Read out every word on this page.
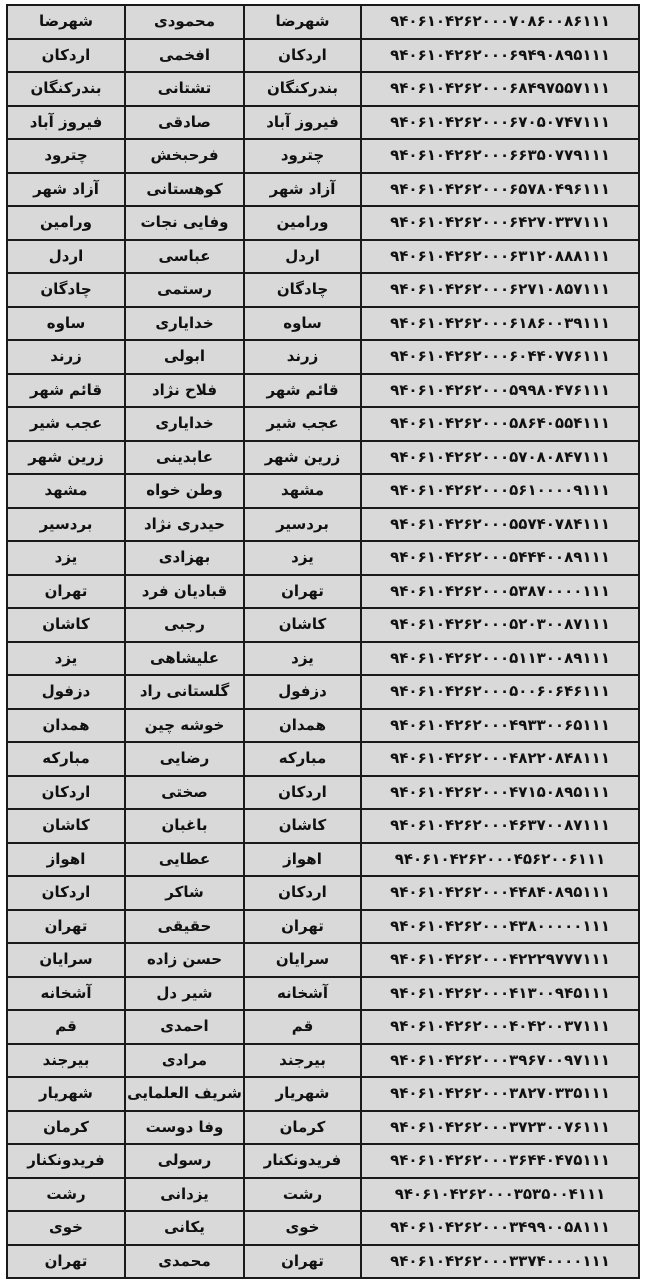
شهرضا	محمودی	شهرضا	۹۴۰۶۱۰۴۲۶۲۰۰۰۷۰۸۶۰۰۸۶۱۱۱
اردکان	افخمی	اردکان	۹۴۰۶۱۰۴۲۶۲۰۰۰۶۹۴۹۰۸۹۵۱۱۱
بندرکنگان	تشتانی	بندرکنگان	۹۴۰۶۱۰۴۲۶۲۰۰۰۶۸۴۹۷۵۵۷۱۱۱
فیروز آباد	صادقی	فیروز آباد	۹۴۰۶۱۰۴۲۶۲۰۰۰۶۷۰۵۰۷۴۷۱۱۱
چترود	فرحبخش	چترود	۹۴۰۶۱۰۴۲۶۲۰۰۰۶۶۳۵۰۷۷۹۱۱۱
آزاد شهر	کوهستانی	آزاد شهر	۹۴۰۶۱۰۴۲۶۲۰۰۰۶۵۷۸۰۴۹۶۱۱۱
ورامین	وفایی نجات	ورامین	۹۴۰۶۱۰۴۲۶۲۰۰۰۶۴۲۷۰۳۳۷۱۱۱
اردل	عباسی	اردل	۹۴۰۶۱۰۴۲۶۲۰۰۰۶۳۱۲۰۸۸۸۱۱۱
چادگان	رستمی	چادگان	۹۴۰۶۱۰۴۲۶۲۰۰۰۶۲۷۱۰۸۵۷۱۱۱
ساوه	خدایاری	ساوه	۹۴۰۶۱۰۴۲۶۲۰۰۰۶۱۸۶۰۰۳۹۱۱۱
زرند	ابولی	زرند	۹۴۰۶۱۰۴۲۶۲۰۰۰۶۰۴۴۰۷۷۶۱۱۱
قائم شهر	فلاح نژاد	قائم شهر	۹۴۰۶۱۰۴۲۶۲۰۰۰۵۹۹۸۰۴۷۶۱۱۱
عجب شیر	خدایاری	عجب شیر	۹۴۰۶۱۰۴۲۶۲۰۰۰۵۸۶۴۰۵۵۴۱۱۱
زرین شهر	عابدینی	زرین شهر	۹۴۰۶۱۰۴۲۶۲۰۰۰۵۷۰۸۰۸۴۷۱۱۱
مشهد	وطن خواه	مشهد	۹۴۰۶۱۰۴۲۶۲۰۰۰۵۶۱۰۰۰۰۹۱۱۱
بردسیر	حیدری نژاد	بردسیر	۹۴۰۶۱۰۴۲۶۲۰۰۰۵۵۷۴۰۷۸۴۱۱۱
یزد	بهزادی	یزد	۹۴۰۶۱۰۴۲۶۲۰۰۰۵۴۴۴۰۰۸۹۱۱۱
تهران	قبادیان فرد	تهران	۹۴۰۶۱۰۴۲۶۲۰۰۰۵۳۸۷۰۰۰۰۱۱۱
کاشان	رجبی	کاشان	۹۴۰۶۱۰۴۲۶۲۰۰۰۵۲۰۳۰۰۸۷۱۱۱
یزد	علیشاهی	یزد	۹۴۰۶۱۰۴۲۶۲۰۰۰۵۱۱۳۰۰۸۹۱۱۱
دزفول	گلستانی راد	دزفول	۹۴۰۶۱۰۴۲۶۲۰۰۰۵۰۰۶۰۶۴۶۱۱۱
همدان	خوشه چین	همدان	۹۴۰۶۱۰۴۲۶۲۰۰۰۴۹۳۳۰۰۶۵۱۱۱
مبارکه	رضایی	مبارکه	۹۴۰۶۱۰۴۲۶۲۰۰۰۴۸۲۲۰۸۴۸۱۱۱
اردکان	صختی	اردکان	۹۴۰۶۱۰۴۲۶۲۰۰۰۴۷۱۵۰۸۹۵۱۱۱
کاشان	باغبان	کاشان	۹۴۰۶۱۰۴۲۶۲۰۰۰۴۶۳۷۰۰۸۷۱۱۱
اهواز	عطایی	اهواز	۹۴۰۶۱۰۴۲۶۲۰۰۰۴۵۶۲۰۰۶۱۱۱
اردکان	شاکر	اردکان	۹۴۰۶۱۰۴۲۶۲۰۰۰۴۴۸۴۰۸۹۵۱۱۱
تهران	حقیقی	تهران	۹۴۰۶۱۰۴۲۶۲۰۰۰۴۳۸۰۰۰۰۰۱۱۱
سرایان	حسن زاده	سرایان	۹۴۰۶۱۰۴۲۶۲۰۰۰۴۲۲۲۹۷۷۷۱۱۱
آشخانه	شیر دل	آشخانه	۹۴۰۶۱۰۴۲۶۲۰۰۰۴۱۳۰۰۹۴۵۱۱۱
قم	احمدی	قم	۹۴۰۶۱۰۴۲۶۲۰۰۰۴۰۴۲۰۰۳۷۱۱۱
بیرجند	مرادی	بیرجند	۹۴۰۶۱۰۴۲۶۲۰۰۰۳۹۶۷۰۰۹۷۱۱۱
شهریار	شریف العلمایی	شهریار	۹۴۰۶۱۰۴۲۶۲۰۰۰۳۸۲۷۰۳۳۵۱۱۱
کرمان	وفا دوست	کرمان	۹۴۰۶۱۰۴۲۶۲۰۰۰۳۷۲۳۰۰۷۶۱۱۱
فریدونکنار	رسولی	فریدونکنار	۹۴۰۶۱۰۴۲۶۲۰۰۰۳۶۴۴۰۴۷۵۱۱۱
رشت	یزدانی	رشت	۹۴۰۶۱۰۴۲۶۲۰۰۰۳۵۳۵۰۰۴۱۱۱
خوی	یکانی	خوی	۹۴۰۶۱۰۴۲۶۲۰۰۰۳۴۹۹۰۰۵۸۱۱۱
تهران	محمدی	تهران	۹۴۰۶۱۰۴۲۶۲۰۰۰۳۳۷۴۰۰۰۰۱۱۱
